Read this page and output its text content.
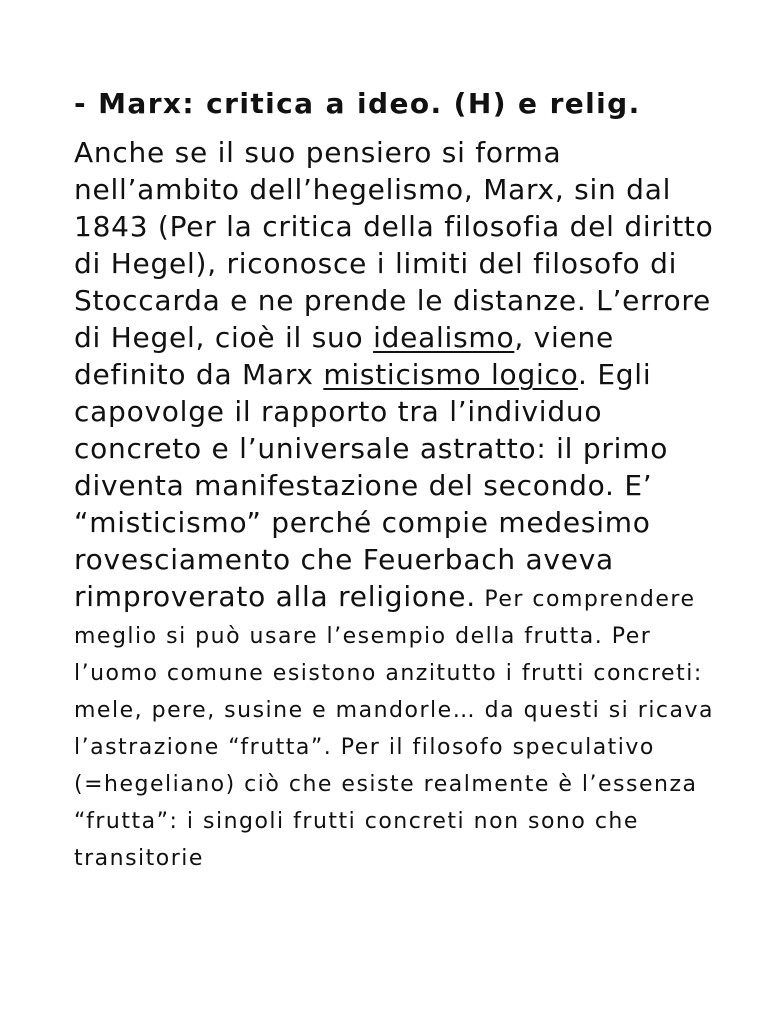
- Marx: critica a ideo. (H) e relig.

Anche se il suo pensiero si forma nell’ambito dell’hegelismo, Marx, sin dal 1843 (Per la critica della filosofia del diritto di Hegel), riconosce i limiti del filosofo di Stoccarda e ne prende le distanze. L’errore di Hegel, cioè il suo idealismo, viene definito da Marx misticismo logico. Egli capovolge il rapporto tra l’individuo concreto e l’universale astratto: il primo diventa manifestazione del secondo. E’ “misticismo” perché compie medesimo rovesciamento che Feuerbach aveva rimproverato alla religione. Per comprendere meglio si può usare l’esempio della frutta. Per l’uomo comune esistono anzitutto i frutti concreti: mele, pere, susine e mandorle… da questi si ricava l’astrazione “frutta”. Per il filosofo speculativo (=hegeliano) ciò che esiste realmente è l’essenza “frutta”: i singoli frutti concreti non sono che transitorie
